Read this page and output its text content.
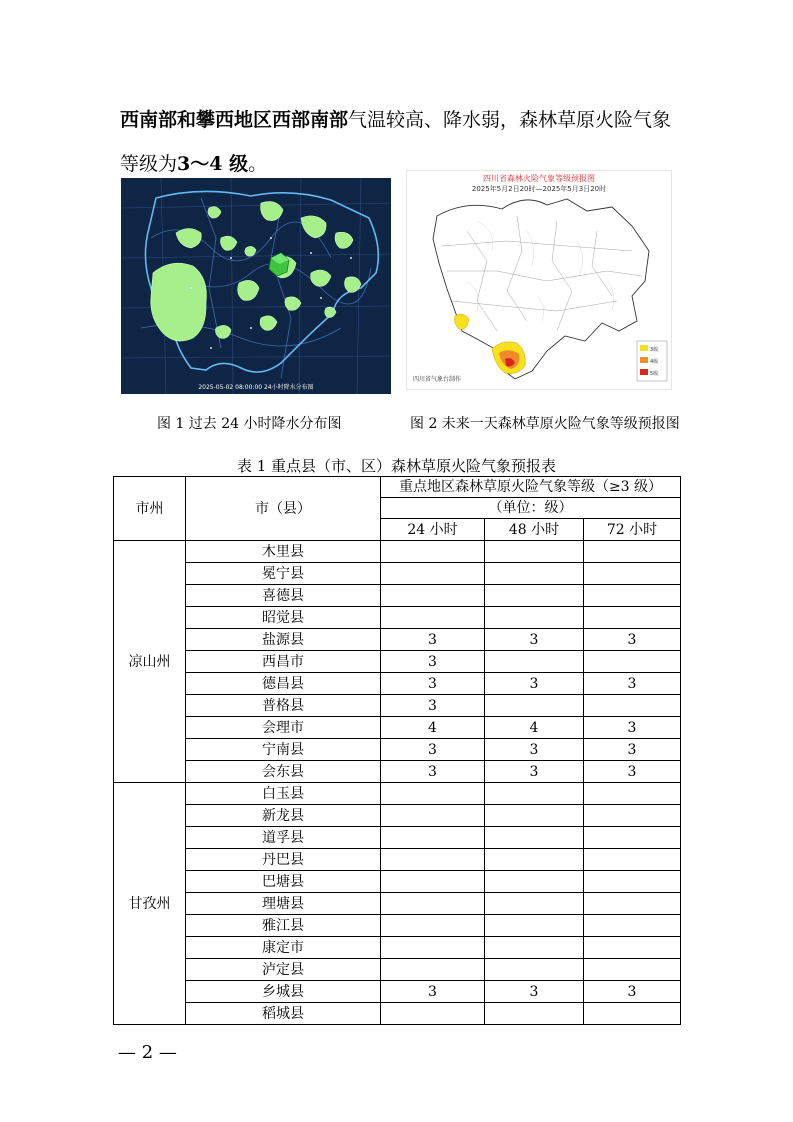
西南部和攀西地区西部南部气温较高、降水弱，森林草原火险气象等级为3～4 级。
2025-05-02 08:00:00 24小时降水分布图
四川省森林火险气象等级预报图
2025年5月2日20时—2025年5月3日20时
3级
4级
5级
四川省气象台制作
图 1 过去 24 小时降水分布图	图 2 未来一天森林草原火险气象等级预报图
表 1 重点县（市、区）森林草原火险气象预报表
市州	市（县）	重点地区森林草原火险气象等级（≥3 级）		
		（单位：级）		
		24 小时	48 小时	72 小时
凉山州	木里县			
	冕宁县			
	喜德县			
	昭觉县			
	盐源县	3	3	3
	西昌市	3		
	德昌县	3	3	3
	普格县	3		
	会理市	4	4	3
	宁南县	3	3	3
	会东县	3	3	3
甘孜州	白玉县			
	新龙县			
	道孚县			
	丹巴县			
	巴塘县			
	理塘县			
	雅江县			
	康定市			
	泸定县			
	乡城县	3	3	3
	稻城县			
— 2 —
